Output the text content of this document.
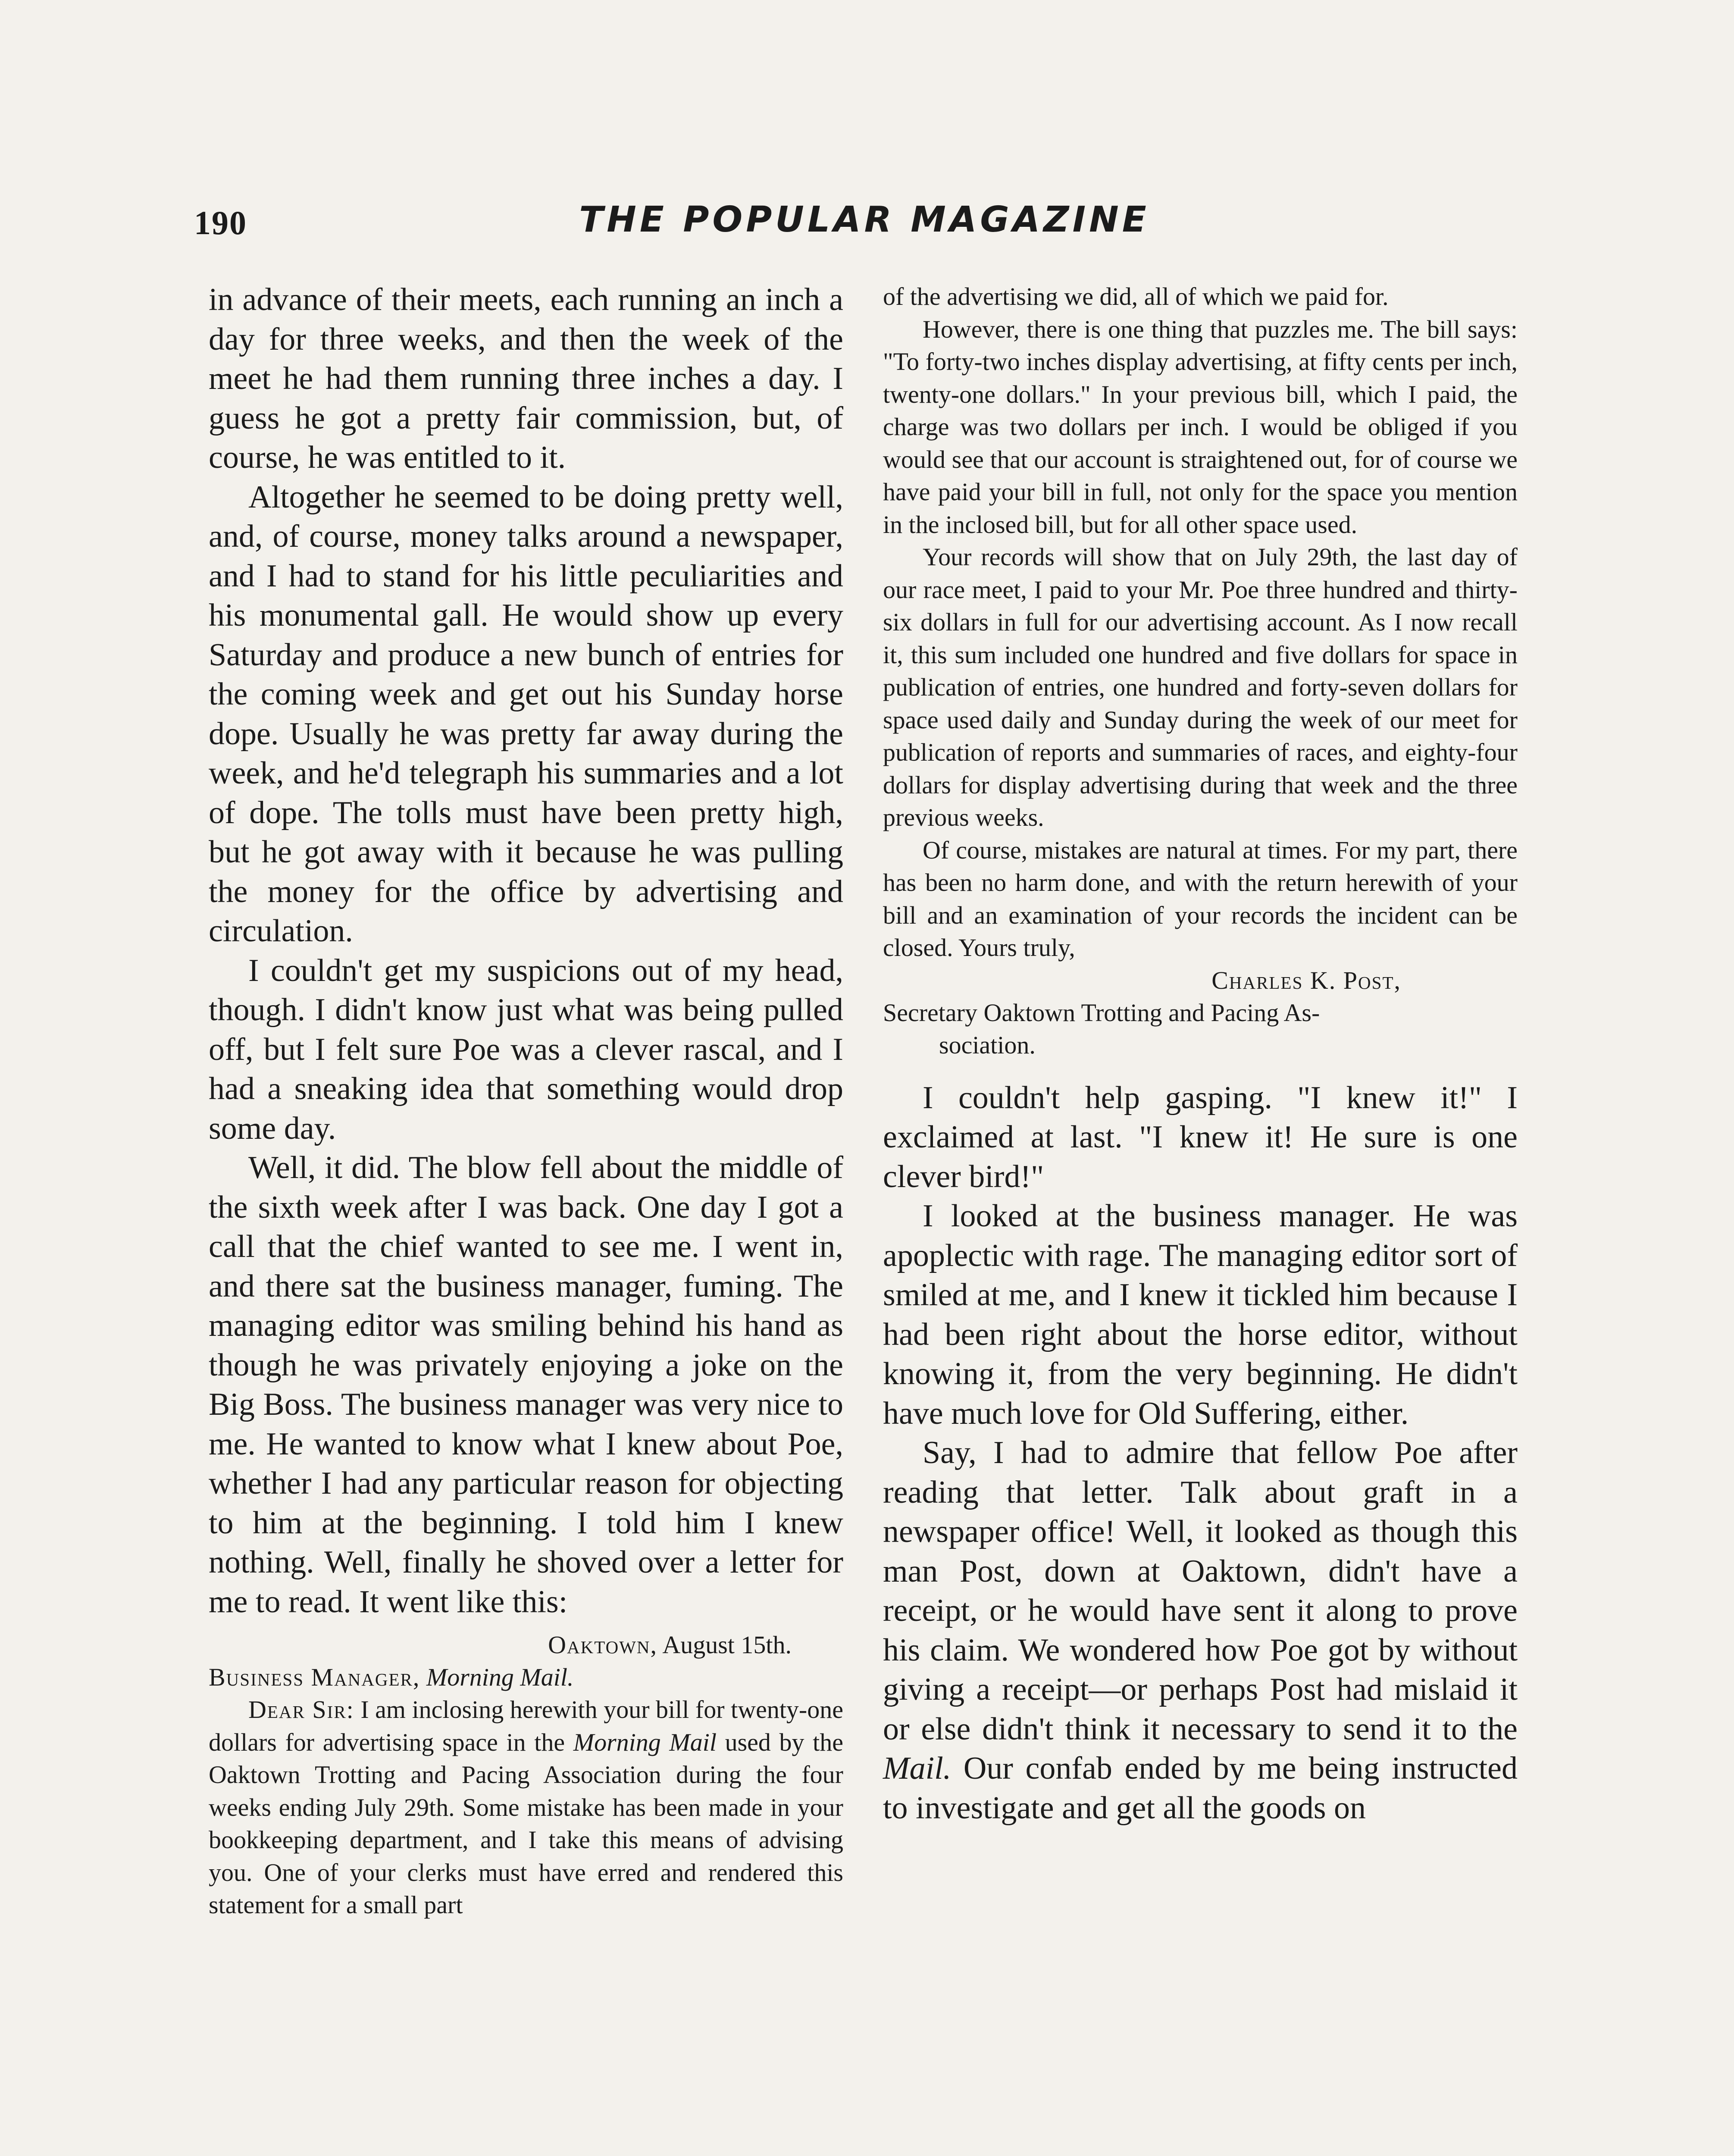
190	THE POPULAR MAGAZINE

in advance of their meets, each running an inch a day for three weeks, and then the week of the meet he had them running three inches a day. I guess he got a pretty fair commission, but, of course, he was entitled to it.

Altogether he seemed to be doing pretty well, and, of course, money talks around a newspaper, and I had to stand for his little peculiarities and his monumental gall. He would show up every Saturday and produce a new bunch of entries for the coming week and get out his Sunday horse dope. Usually he was pretty far away during the week, and he'd telegraph his summaries and a lot of dope. The tolls must have been pretty high, but he got away with it because he was pulling the money for the office by advertising and circulation.

I couldn't get my suspicions out of my head, though. I didn't know just what was being pulled off, but I felt sure Poe was a clever rascal, and I had a sneaking idea that something would drop some day.

Well, it did. The blow fell about the middle of the sixth week after I was back. One day I got a call that the chief wanted to see me. I went in, and there sat the business manager, fuming. The managing editor was smiling behind his hand as though he was privately enjoying a joke on the Big Boss. The business manager was very nice to me. He wanted to know what I knew about Poe, whether I had any particular reason for objecting to him at the beginning. I told him I knew nothing. Well, finally he shoved over a letter for me to read. It went like this:

Oaktown, August 15th.
Business Manager, Morning Mail.

Dear Sir: I am inclosing herewith your bill for twenty-one dollars for advertising space in the Morning Mail used by the Oaktown Trotting and Pacing Association during the four weeks ending July 29th. Some mistake has been made in your bookkeeping department, and I take this means of advising you. One of your clerks must have erred and rendered this statement for a small part

of the advertising we did, all of which we paid for.

However, there is one thing that puzzles me. The bill says: "To forty-two inches display advertising, at fifty cents per inch, twenty-one dollars." In your previous bill, which I paid, the charge was two dollars per inch. I would be obliged if you would see that our account is straightened out, for of course we have paid your bill in full, not only for the space you mention in the inclosed bill, but for all other space used.

Your records will show that on July 29th, the last day of our race meet, I paid to your Mr. Poe three hundred and thirty-six dollars in full for our advertising account. As I now recall it, this sum included one hundred and five dollars for space in publication of entries, one hundred and forty-seven dollars for space used daily and Sunday during the week of our meet for publication of reports and summaries of races, and eighty-four dollars for display advertising during that week and the three previous weeks.

Of course, mistakes are natural at times. For my part, there has been no harm done, and with the return herewith of your bill and an examination of your records the incident can be closed. Yours truly,

Charles K. Post,
Secretary Oaktown Trotting and Pacing As-
sociation.

I couldn't help gasping. "I knew it!" I exclaimed at last. "I knew it! He sure is one clever bird!"

I looked at the business manager. He was apoplectic with rage. The managing editor sort of smiled at me, and I knew it tickled him because I had been right about the horse editor, without knowing it, from the very beginning. He didn't have much love for Old Suffering, either.

Say, I had to admire that fellow Poe after reading that letter. Talk about graft in a newspaper office! Well, it looked as though this man Post, down at Oaktown, didn't have a receipt, or he would have sent it along to prove his claim. We wondered how Poe got by without giving a receipt—or perhaps Post had mislaid it or else didn't think it necessary to send it to the Mail. Our confab ended by me being instructed to investigate and get all the goods on
